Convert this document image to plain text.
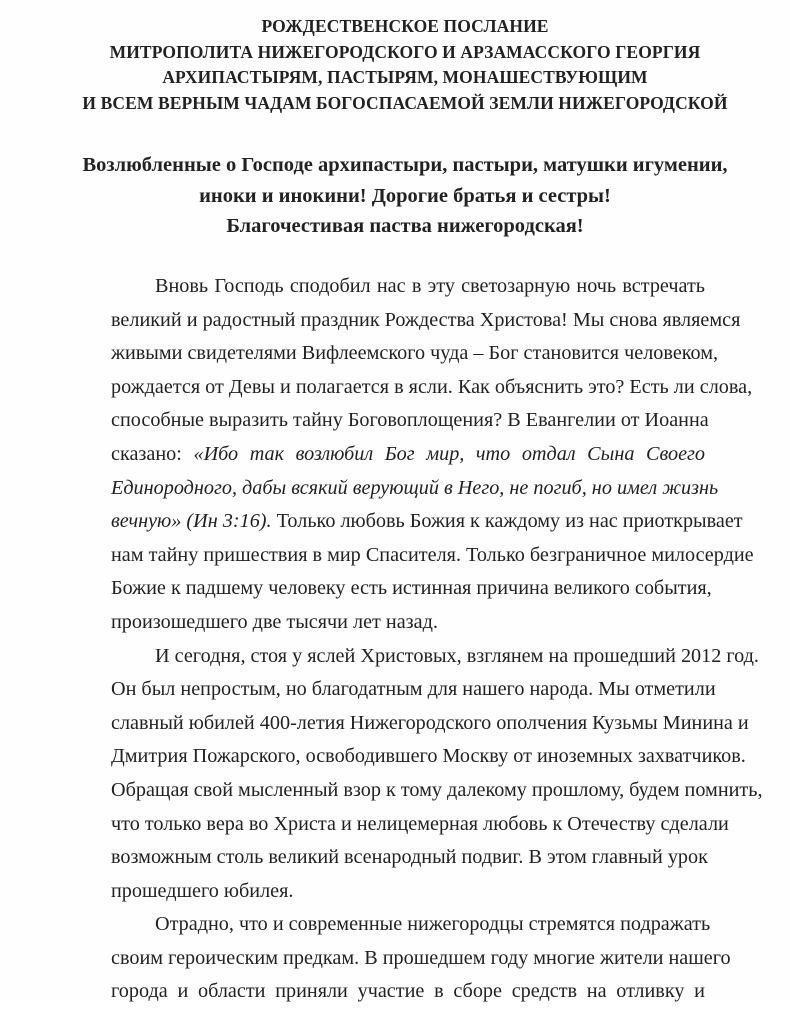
РОЖДЕСТВЕНСКОЕ ПОСЛАНИЕ
МИТРОПОЛИТА НИЖЕГОРОДСКОГО И АРЗАМАССКОГО ГЕОРГИЯ
АРХИПАСТЫРЯМ, ПАСТЫРЯМ, МОНАШЕСТВУЮЩИМ
И ВСЕМ ВЕРНЫМ ЧАДАМ БОГОСПАСАЕМОЙ ЗЕМЛИ НИЖЕГОРОДСКОЙ
Возлюбленные о Господе архипастыри, пастыри, матушки игумении,
иноки и инокини! Дорогие братья и сестры!
Благочестивая паства нижегородская!
Вновь Господь сподобил нас в эту светозарную ночь встречать
великий и радостный праздник Рождества Христова! Мы снова являемся
живыми свидетелями Вифлеемского чуда – Бог становится человеком,
рождается от Девы и полагается в ясли. Как объяснить это? Есть ли слова,
способные выразить тайну Боговоплощения? В Евангелии от Иоанна
сказано: «Ибо так возлюбил Бог мир, что отдал Сына Своего
Единородного, дабы всякий верующий в Него, не погиб, но имел жизнь
вечную» (Ин 3:16). Только любовь Божия к каждому из нас приоткрывает
нам тайну пришествия в мир Спасителя. Только безграничное милосердие
Божие к падшему человеку есть истинная причина великого события,
произошедшего две тысячи лет назад.
И сегодня, стоя у яслей Христовых, взглянем на прошедший 2012 год.
Он был непростым, но благодатным для нашего народа. Мы отметили
славный юбилей 400-летия Нижегородского ополчения Кузьмы Минина и
Дмитрия Пожарского, освободившего Москву от иноземных захватчиков.
Обращая свой мысленный взор к тому далекому прошлому, будем помнить,
что только вера во Христа и нелицемерная любовь к Отечеству сделали
возможным столь великий всенародный подвиг. В этом главный урок
прошедшего юбилея.
Отрадно, что и современные нижегородцы стремятся подражать
своим героическим предкам. В прошедшем году многие жители нашего
города и области приняли участие в сборе средств на отливку и
